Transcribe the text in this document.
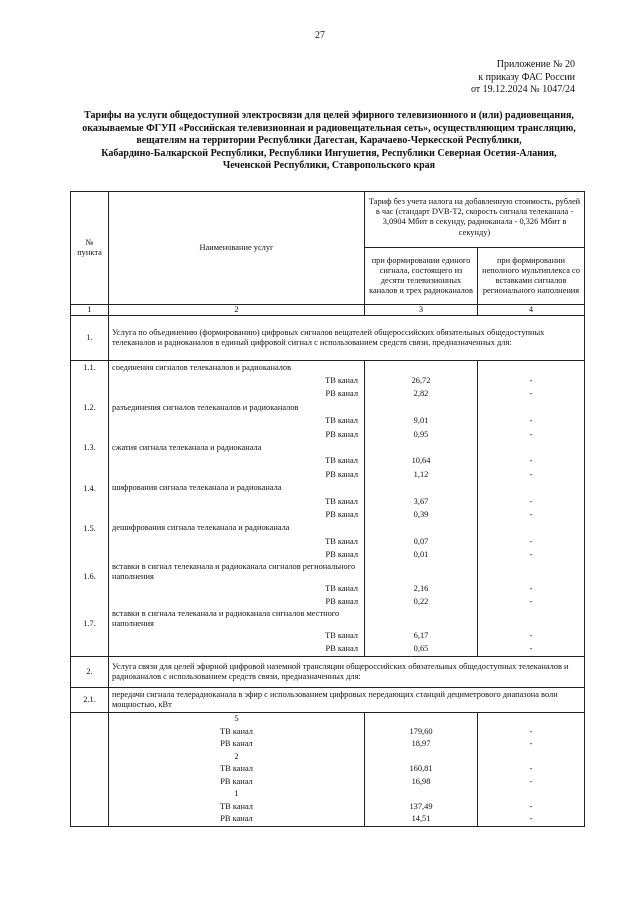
27
Приложение № 20
к приказу ФАС России
от 19.12.2024 № 1047/24
Тарифы на услуги общедоступной электросвязи для целей эфирного телевизионного и (или) радиовещания,
оказываемые ФГУП «Российская телевизионная и радиовещательная сеть», осуществляющим трансляцию,
вещателям на территории Республики Дагестан, Карачаево-Черкесской Республики,
Кабардино-Балкарской Республики, Республики Ингушетия, Республики Северная Осетия-Алания,
Чеченской Республики, Ставропольского края
№ пункта	Наименование услуг	Тариф без учета налога на добавленную стоимость, рублей в час (стандарт DVB-T2, скорость сигнала телеканала - 3,0904 Мбит в секунду, радиоканала - 0,326 Мбит в секунду)	
		при формировании единого сигнала, состоящего из десяти телевизионных каналов и трех радиоканалов	при формировании неполного мультиплекса со вставками сигналов регионального наполнения
1	2	3	4
1.	Услуга по объединению (формированию) цифровых сигналов вещателей общероссийских обязательных общедоступных телеканалов и радиоканалов в единый цифровой сигнал с использованием средств связи, предназначенных для:		
1.1.	соединения сигналов телеканалов и радиоканалов		
	ТВ канал	26,72	-
	РВ канал	2,82	-
1.2.	разъединения сигналов телеканалов и радиоканалов		
	ТВ канал	9,01	-
	РВ канал	0,95	-
1.3.	сжатия сигнала телеканала и радиоканала		
	ТВ канал	10,64	-
	РВ канал	1,12	-
1.4.	шифрования сигнала телеканала и радиоканала		
	ТВ канал	3,67	-
	РВ канал	0,39	-
1.5.	дешифрования сигнала телеканала и радиоканала		
	ТВ канал	0,07	-
	РВ канал	0,01	-
1.6.	вставки в сигнал телеканала и радиоканала сигналов регионального наполнения		

	ТВ канал	2,16	-
	РВ канал	0,22	-
1.7.	вставки в сигнала телеканала и радиоканала сигналов местного наполнения		

	ТВ канал	6,17	-
	РВ канал	0,65	-
2.	Услуга связи для целей эфирной цифровой наземной трансляции общероссийских обязательных общедоступных телеканалов и радиоканалов с использованием средств связи, предназначенных для:		
2.1.	передачи сигнала телерадиоканала в эфир с использованием цифровых передающих станций дециметрового диапазона волн мощностью, кВт		
	5		
	ТВ канал	179,60	-
	РВ канал	18,97	-
	2		
	ТВ канал	160,81	-
	РВ канал	16,98	-
	1		
	ТВ канал	137,49	-
	РВ канал	14,51	-
